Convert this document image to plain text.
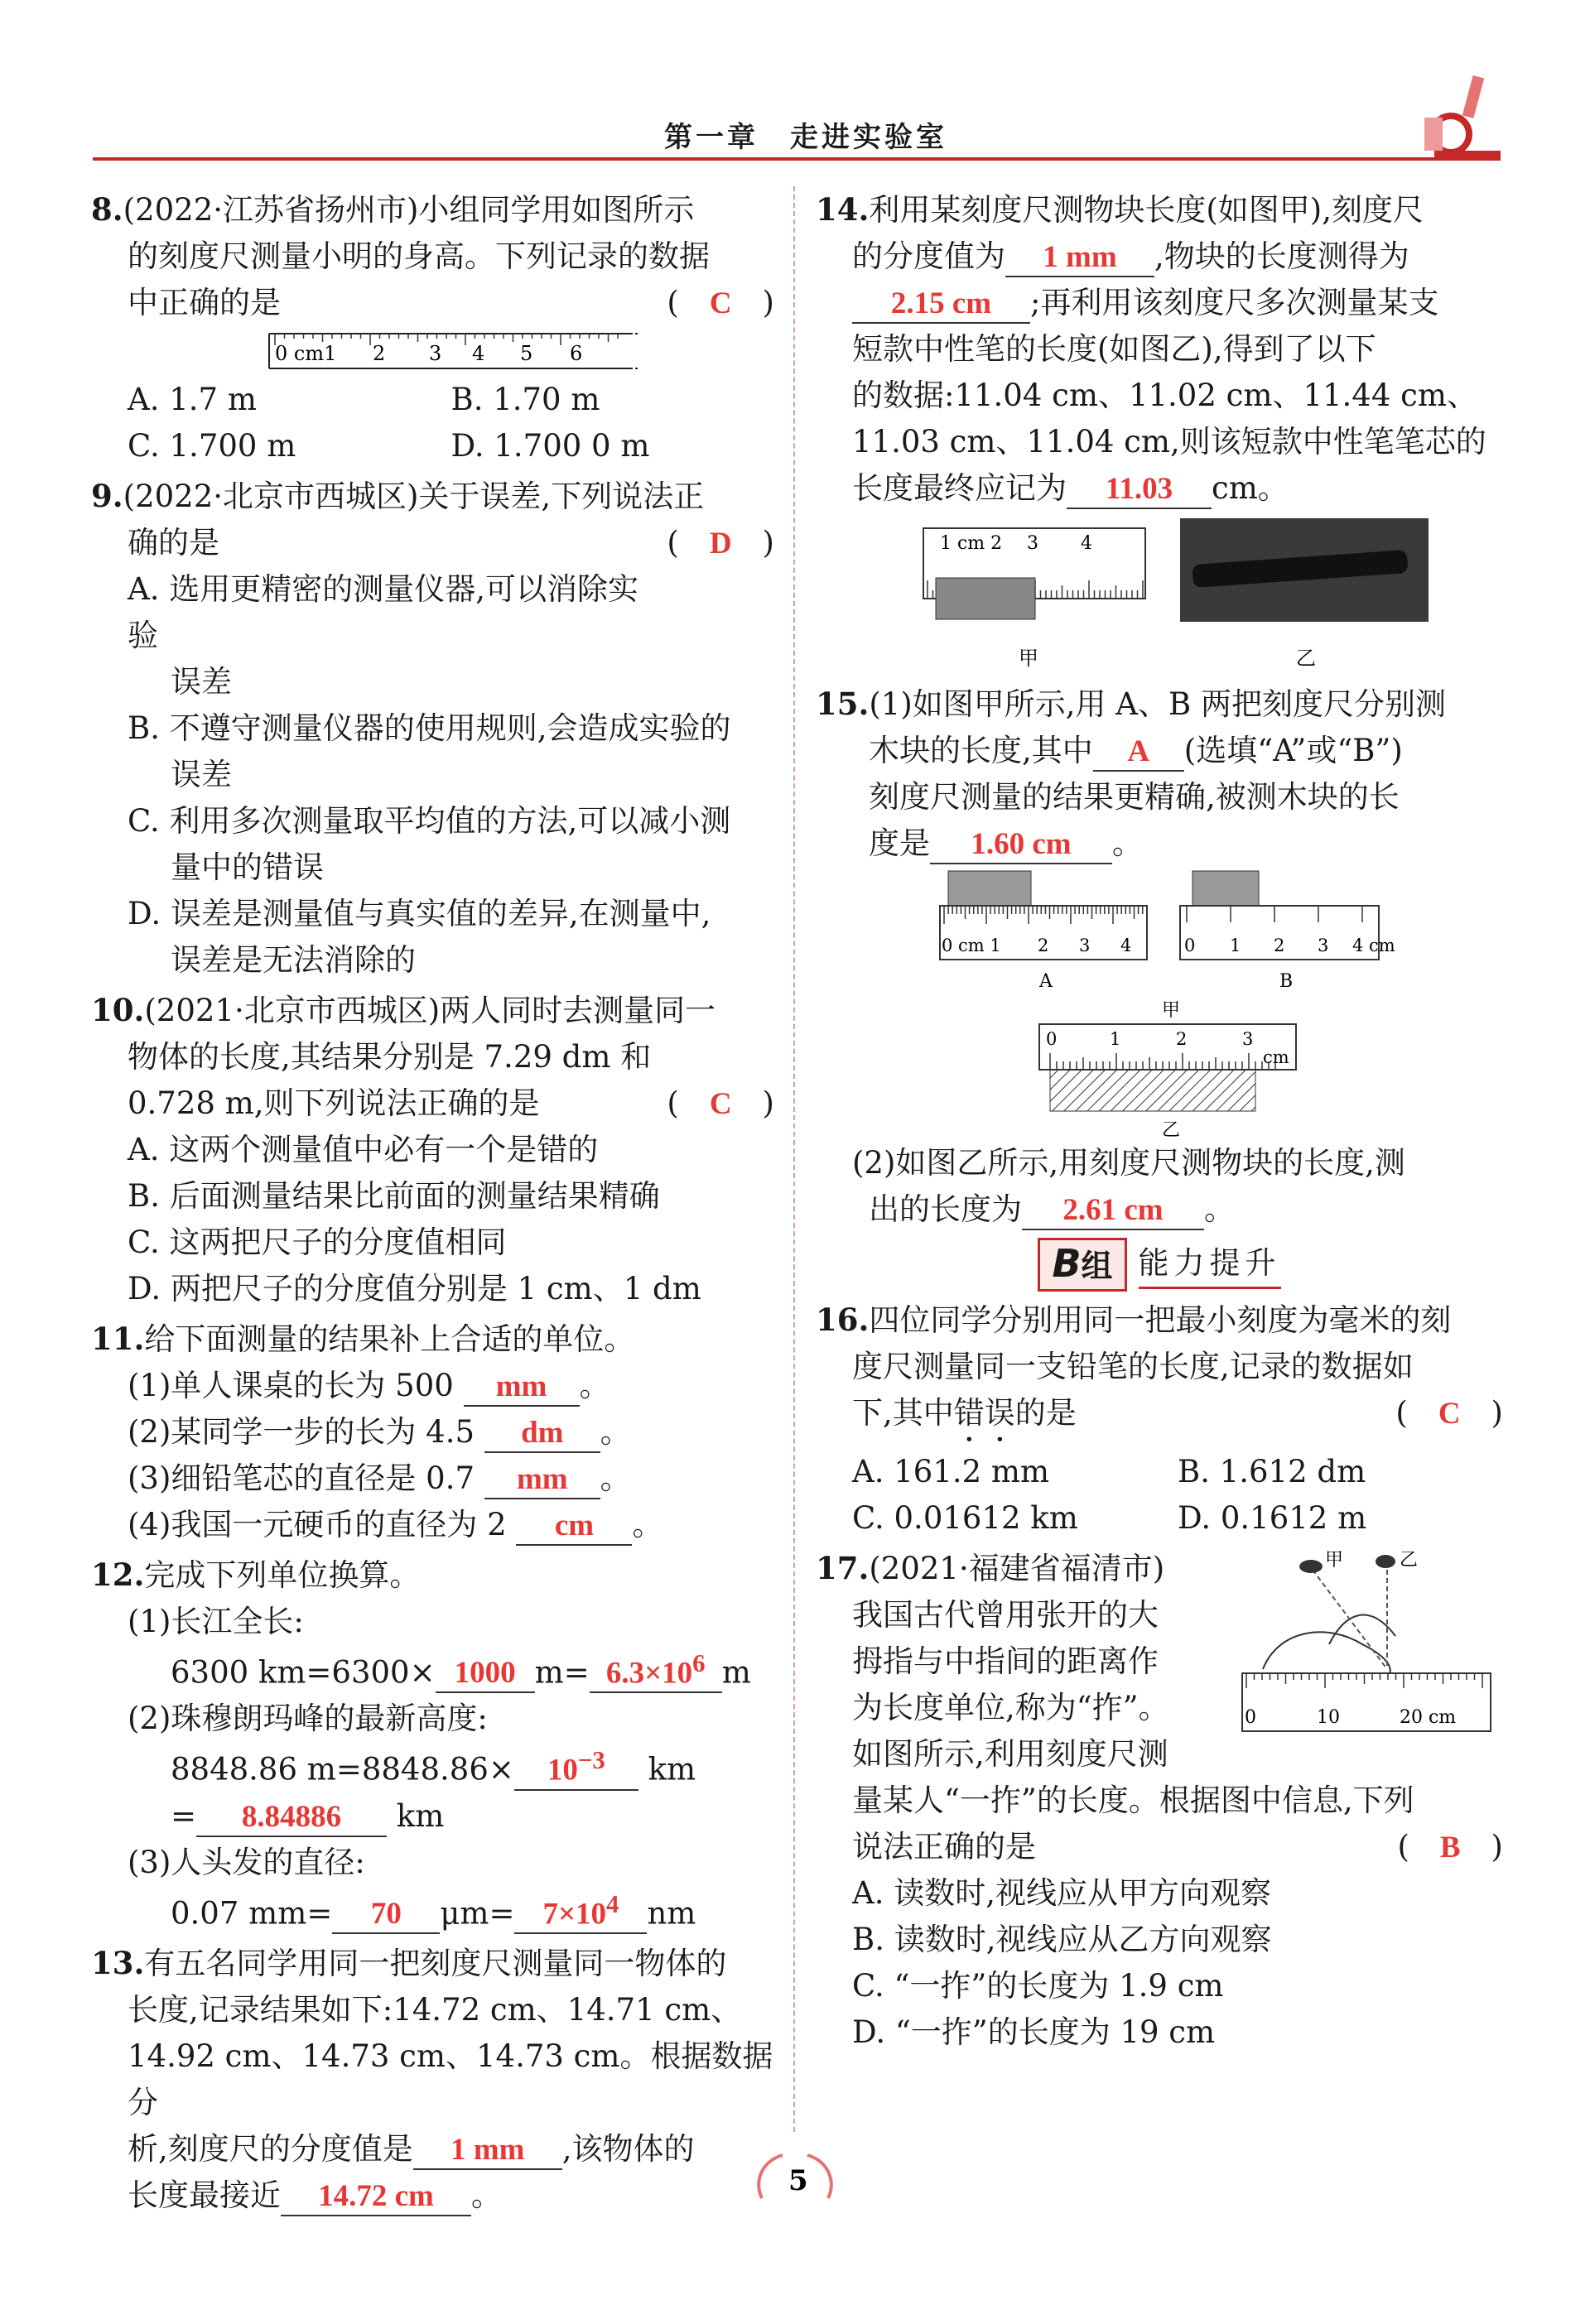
第一章　走进实验室
8.(2022·江苏省扬州市)小组同学用如图所示
的刻度尺测量小明的身高。下列记录的数据
中正确的是	(　C　)
0 cm1 2 3 4 5 6
A. 1.7 m	B. 1.70 m
C. 1.700 m	D. 1.700 0 m
9.(2022·北京市西城区)关于误差,下列说法正
确的是	(　D　)
A. 选用更精密的测量仪器,可以消除实验
误差
B. 不遵守测量仪器的使用规则,会造成实验的
误差
C. 利用多次测量取平均值的方法,可以减小测
量中的错误
D. 误差是测量值与真实值的差异,在测量中,
误差是无法消除的
10.(2021·北京市西城区)两人同时去测量同一
物体的长度,其结果分别是 7.29 dm 和
0.728 m,则下列说法正确的是	(　C　)
A. 这两个测量值中必有一个是错的
B. 后面测量结果比前面的测量结果精确
C. 这两把尺子的分度值相同
D. 两把尺子的分度值分别是 1 cm、1 dm
11.给下面测量的结果补上合适的单位。
(1)单人课桌的长为 500 mm 。
(2)某同学一步的长为 4.5 dm 。
(3)细铅笔芯的直径是 0.7 mm 。
(4)我国一元硬币的直径为 2 cm 。
12.完成下列单位换算。
(1)长江全长:
6300 km=6300× 1000 $m= 6.3\times 10^6$ m
(2)珠穆朗玛峰的最新高度:
8848.86 $m=8848.86\times 10^{-3}$ km
= 8.84886 km
(3)人头发的直径:
0.07 mm= 70 $\mu m= 7\times 10^4$ nm
13.有五名同学用同一把刻度尺测量同一物体的
长度,记录结果如下:14.72 cm、14.71 cm、
14.92 cm、14.73 cm、14.73 cm。根据数据分
析,刻度尺的分度值是 1 mm ,该物体的
长度最接近 14.72 cm 。
14.利用某刻度尺测物块长度(如图甲),刻度尺
的分度值为 1 mm ,物块的长度测得为
2.15 cm ;再利用该刻度尺多次测量某支
短款中性笔的长度(如图乙),得到了以下
的数据:11.04 cm、11.02 cm、11.44 cm、
11.03 cm、11.04 cm,则该短款中性笔笔芯的
长度最终应记为 11.03 cm。
1 cm 2 3 4
甲	乙
15.(1)如图甲所示,用 A、B 两把刻度尺分别测
木块的长度,其中 A (选填“A”或“B”)
刻度尺测量的结果更精确,被测木块的长
度是 1.60 cm 。
0 cm 1 2 3 4
A
0 1 2 3 4 cm
B
甲
0	1	2	3
cm
乙
(2)如图乙所示,用刻度尺测物块的长度,测
出的长度为 2.61 cm 。
B组 能力提升
16.四位同学分别用同一把最小刻度为毫米的刻
度尺测量同一支铅笔的长度,记录的数据如
下,其中错误的是	(　C　)
A. 161.2 mm	B. 1.612 dm
C. 0.01612 km	D. 0.1612 m
甲	乙
0	10	20 cm
17.(2021·福建省福清市)
我国古代曾用张开的大
拇指与中指间的距离作
为长度单位,称为“拃”。
如图所示,利用刻度尺测
量某人“一拃”的长度。根据图中信息,下列
说法正确的是	(　B　)
A. 读数时,视线应从甲方向观察
B. 读数时,视线应从乙方向观察
C. “一拃”的长度为 1.9 cm
D. “一拃”的长度为 19 cm
5
